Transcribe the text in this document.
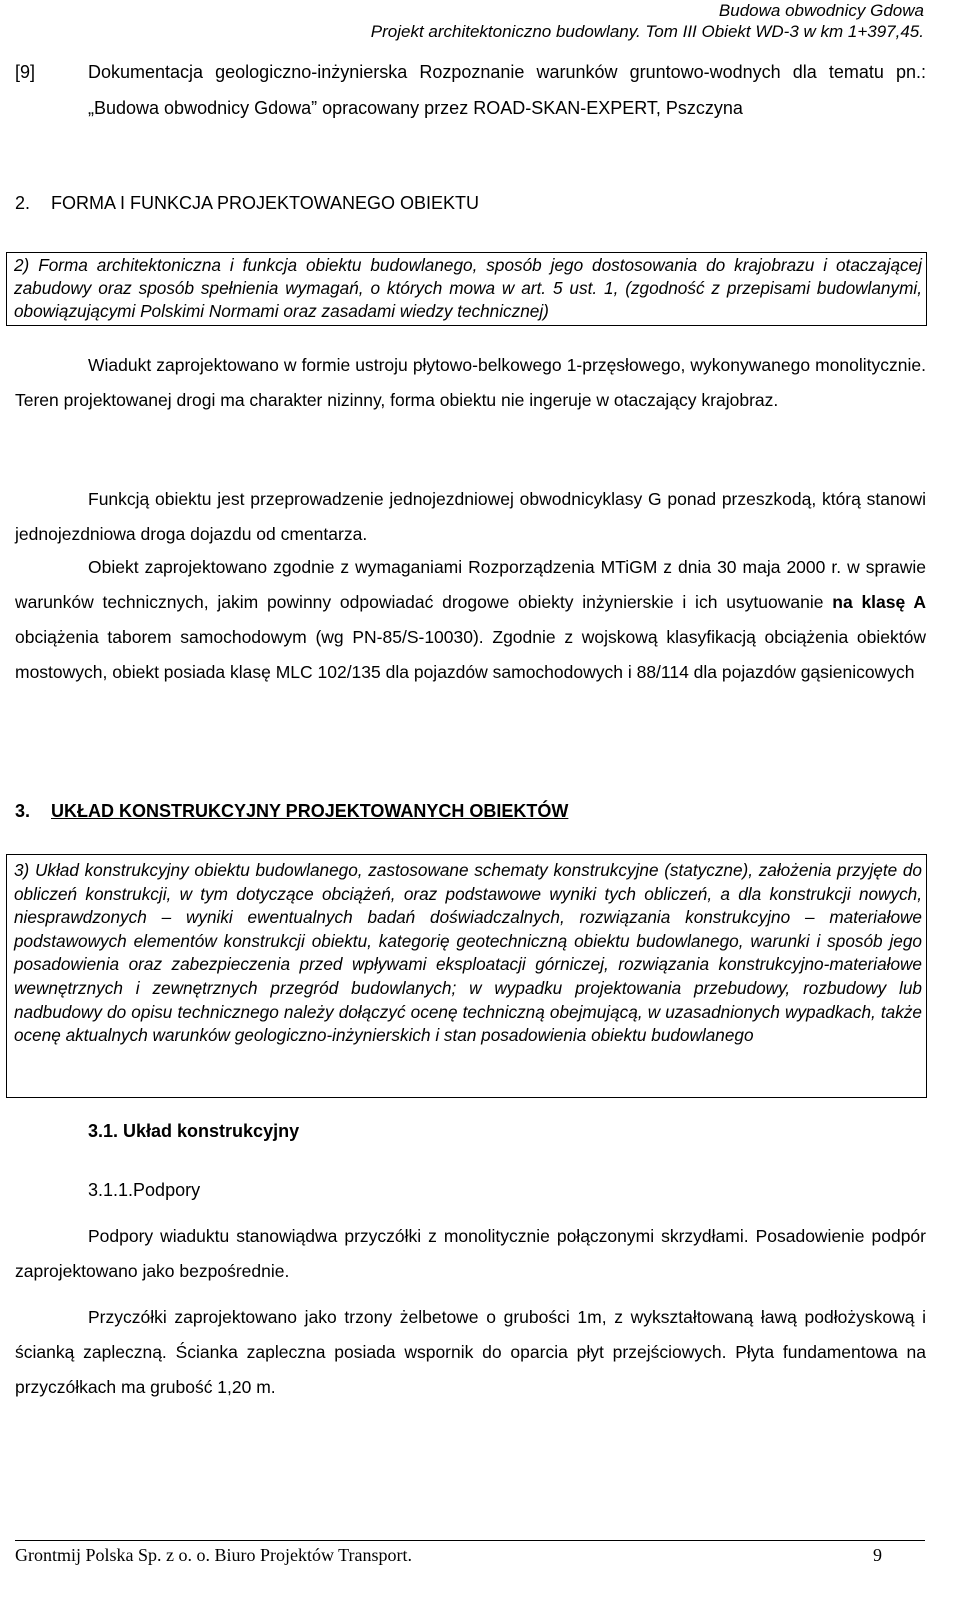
Budowa obwodnicy Gdowa
Projekt architektoniczno budowlany. Tom III Obiekt WD-3 w km 1+397,45.
[9]	Dokumentacja geologiczno-inżynierska Rozpoznanie warunków gruntowo-wodnych dla tematu pn.: „Budowa obwodnicy Gdowa” opracowany przez ROAD-SKAN-EXPERT, Pszczyna
2. FORMA I FUNKCJA PROJEKTOWANEGO OBIEKTU
2) Forma architektoniczna i funkcja obiektu budowlanego, sposób jego dostosowania do krajobrazu i otaczającej zabudowy oraz sposób spełnienia wymagań, o których mowa w art. 5 ust. 1, (zgodność z przepisami budowlanymi, obowiązującymi Polskimi Normami oraz zasadami wiedzy technicznej)
Wiadukt zaprojektowano w formie ustroju płytowo-belkowego 1-przęsłowego, wykonywanego monolitycznie. Teren projektowanej drogi ma charakter nizinny, forma obiektu nie ingeruje w otaczający krajobraz.
Funkcją obiektu jest przeprowadzenie jednojezdniowej obwodnicyklasy G ponad przeszkodą, którą stanowi jednojezdniowa droga dojazdu od cmentarza.
Obiekt zaprojektowano zgodnie z wymaganiami Rozporządzenia MTiGM z dnia 30 maja 2000 r. w sprawie warunków technicznych, jakim powinny odpowiadać drogowe obiekty inżynierskie i ich usytuowanie na klasę A obciążenia taborem samochodowym (wg PN-85/S-10030). Zgodnie z wojskową klasyfikacją obciążenia obiektów mostowych, obiekt posiada klasę MLC 102/135 dla pojazdów samochodowych i 88/114 dla pojazdów gąsienicowych
3. UKŁAD KONSTRUKCYJNY PROJEKTOWANYCH OBIEKTÓW
3) Układ konstrukcyjny obiektu budowlanego, zastosowane schematy konstrukcyjne (statyczne), założenia przyjęte do obliczeń konstrukcji, w tym dotyczące obciążeń, oraz podstawowe wyniki tych obliczeń, a dla konstrukcji nowych, niesprawdzonych – wyniki ewentualnych badań doświadczalnych, rozwiązania konstrukcyjno – materiałowe podstawowych elementów konstrukcji obiektu, kategorię geotechniczną obiektu budowlanego, warunki i sposób jego posadowienia oraz zabezpieczenia przed wpływami eksploatacji górniczej, rozwiązania konstrukcyjno-materiałowe wewnętrznych i zewnętrznych przegród budowlanych; w wypadku projektowania przebudowy, rozbudowy lub nadbudowy do opisu technicznego należy dołączyć ocenę techniczną obejmującą, w uzasadnionych wypadkach, także ocenę aktualnych warunków geologiczno-inżynierskich i stan posadowienia obiektu budowlanego
3.1. Układ konstrukcyjny
3.1.1.Podpory
Podpory wiaduktu stanowiądwa przyczółki z monolitycznie połączonymi skrzydłami. Posadowienie podpór zaprojektowano jako bezpośrednie.
Przyczółki zaprojektowano jako trzony żelbetowe o grubości 1m, z wykształtowaną ławą podłożyskową i ścianką zapleczną. Ścianka zapleczna posiada wspornik do oparcia płyt przejściowych. Płyta fundamentowa na przyczółkach ma grubość 1,20 m.
Grontmij Polska Sp. z o. o. Biuro Projektów Transport.	9
